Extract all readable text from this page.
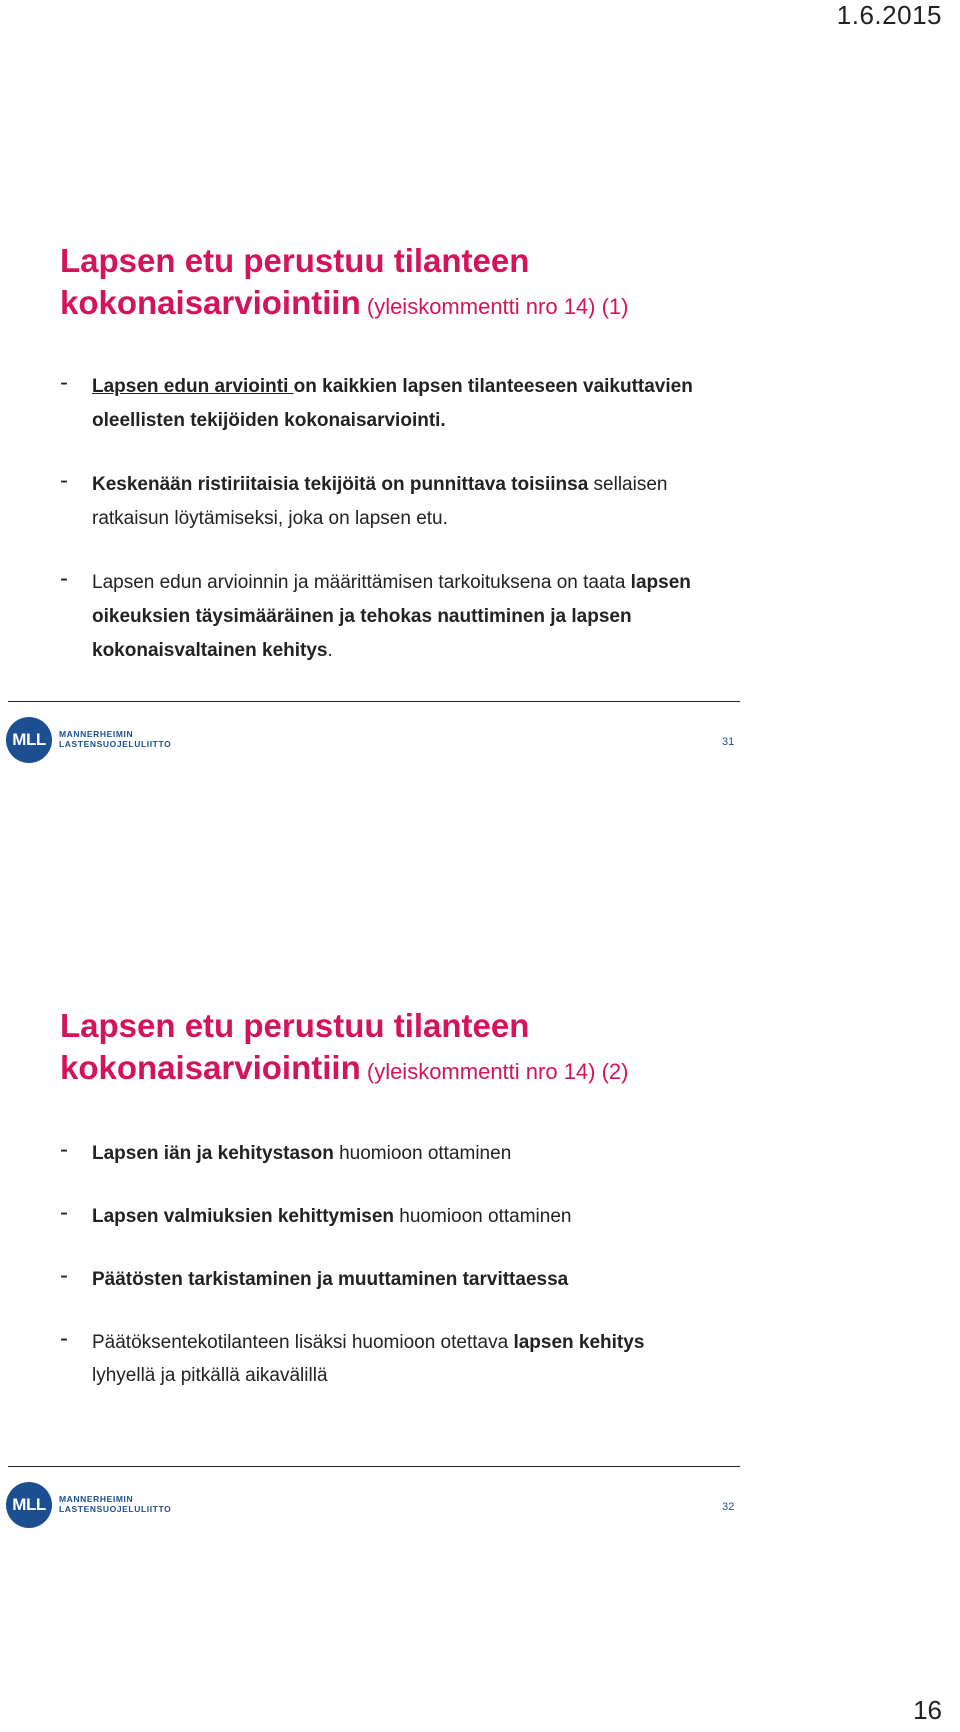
1.6.2015
Lapsen etu perustuu tilanteen
kokonaisarviointiin (yleiskommentti nro 14) (1)
- Lapsen edun arviointi on kaikkien lapsen tilanteeseen vaikuttavien oleellisten tekijöiden kokonaisarviointi.
- Keskenään ristiriitaisia tekijöitä on punnittava toisiinsa sellaisen ratkaisun löytämiseksi, joka on lapsen etu.
- Lapsen edun arvioinnin ja määrittämisen tarkoituksena on taata lapsen oikeuksien täysimääräinen ja tehokas nauttiminen ja lapsen kokonaisvaltainen kehitys.
MLL	MANNERHEIMIN
LASTENSUOJELULIITTO	31
Lapsen etu perustuu tilanteen
kokonaisarviointiin (yleiskommentti nro 14) (2)
- Lapsen iän ja kehitystason huomioon ottaminen
- Lapsen valmiuksien kehittymisen huomioon ottaminen
- Päätösten tarkistaminen ja muuttaminen tarvittaessa
- Päätöksentekotilanteen lisäksi huomioon otettava lapsen kehitys lyhyellä ja pitkällä aikavälillä
MLL	MANNERHEIMIN
LASTENSUOJELULIITTO	32
16
